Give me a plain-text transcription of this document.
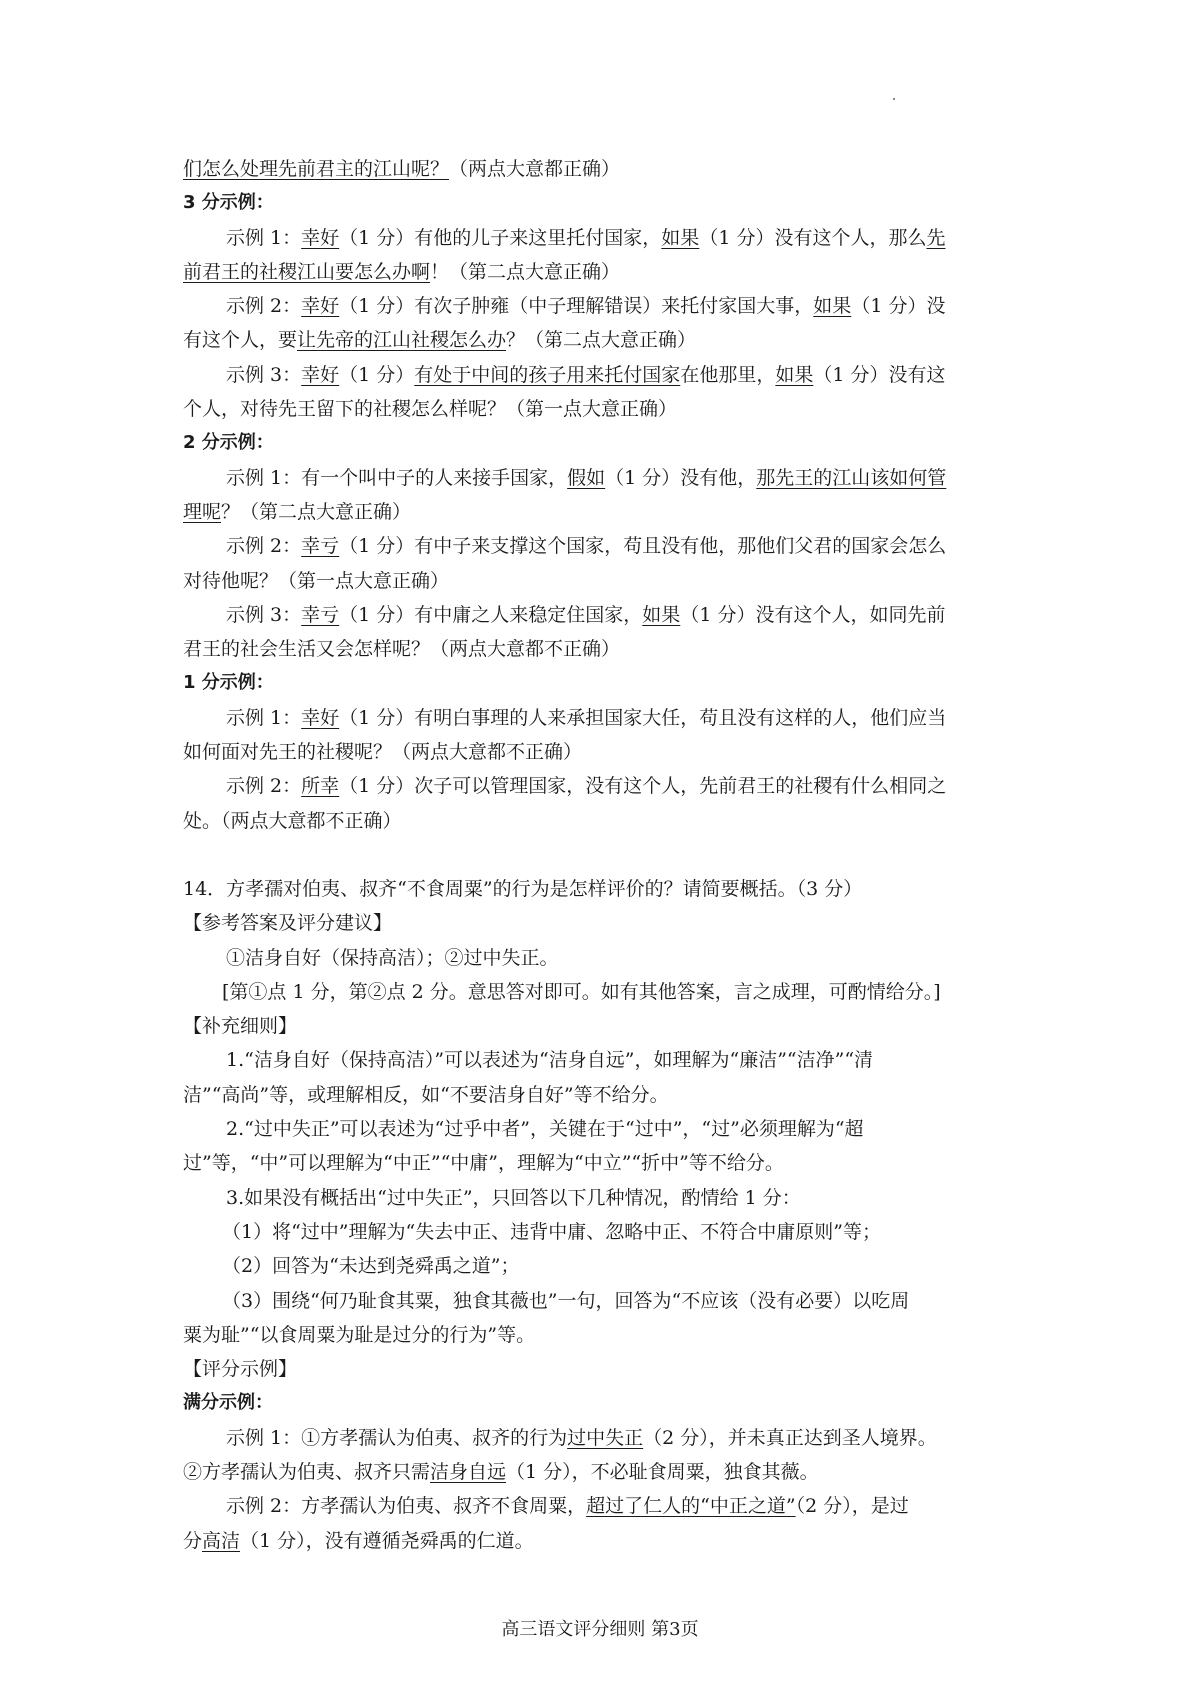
们怎么处理先前君主的江山呢？（两点大意都正确）
3 分示例：
示例 1：幸好（1 分）有他的儿子来这里托付国家，如果（1 分）没有这个人，那么先
前君王的社稷江山要怎么办啊！（第二点大意正确）
示例 2：幸好（1 分）有次子肿雍（中子理解错误）来托付家国大事，如果（1 分）没
有这个人，要让先帝的江山社稷怎么办？（第二点大意正确）
示例 3：幸好（1 分）有处于中间的孩子用来托付国家在他那里，如果（1 分）没有这
个人，对待先王留下的社稷怎么样呢？（第一点大意正确）
2 分示例：
示例 1：有一个叫中子的人来接手国家，假如（1 分）没有他，那先王的江山该如何管
理呢？（第二点大意正确）
示例 2：幸亏（1 分）有中子来支撑这个国家，苟且没有他，那他们父君的国家会怎么
对待他呢？（第一点大意正确）
示例 3：幸亏（1 分）有中庸之人来稳定住国家，如果（1 分）没有这个人，如同先前
君王的社会生活又会怎样呢？（两点大意都不正确）
1 分示例：
示例 1：幸好（1 分）有明白事理的人来承担国家大任，苟且没有这样的人，他们应当
如何面对先王的社稷呢？（两点大意都不正确）
示例 2：所幸（1 分）次子可以管理国家，没有这个人，先前君王的社稷有什么相同之
处。（两点大意都不正确）
14．方孝孺对伯夷、叔齐“不食周粟”的行为是怎样评价的？请简要概括。（3 分）
【参考答案及评分建议】
①洁身自好（保持高洁）；②过中失正。
[第①点 1 分，第②点 2 分。意思答对即可。如有其他答案，言之成理，可酌情给分。]
【补充细则】
1.“洁身自好（保持高洁）”可以表述为“洁身自远”，如理解为“廉洁”“洁净”“清
洁”“高尚”等，或理解相反，如“不要洁身自好”等不给分。
2.“过中失正”可以表述为“过乎中者”，关键在于“过中”，“过”必须理解为“超
过”等，“中”可以理解为“中正”“中庸”，理解为“中立”“折中”等不给分。
3.如果没有概括出“过中失正”，只回答以下几种情况，酌情给 1 分：
（1）将“过中”理解为“失去中正、违背中庸、忽略中正、不符合中庸原则”等；
（2）回答为“未达到尧舜禹之道”；
（3）围绕“何乃耻食其粟，独食其薇也”一句，回答为“不应该（没有必要）以吃周
粟为耻”“以食周粟为耻是过分的行为”等。
【评分示例】
满分示例：
示例 1：①方孝孺认为伯夷、叔齐的行为过中失正（2 分），并未真正达到圣人境界。
②方孝孺认为伯夷、叔齐只需洁身自远（1 分），不必耻食周粟，独食其薇。
示例 2：方孝孺认为伯夷、叔齐不食周粟，超过了仁人的“中正之道”（2 分），是过
分高洁（1 分），没有遵循尧舜禹的仁道。
高三语文评分细则 第3页
